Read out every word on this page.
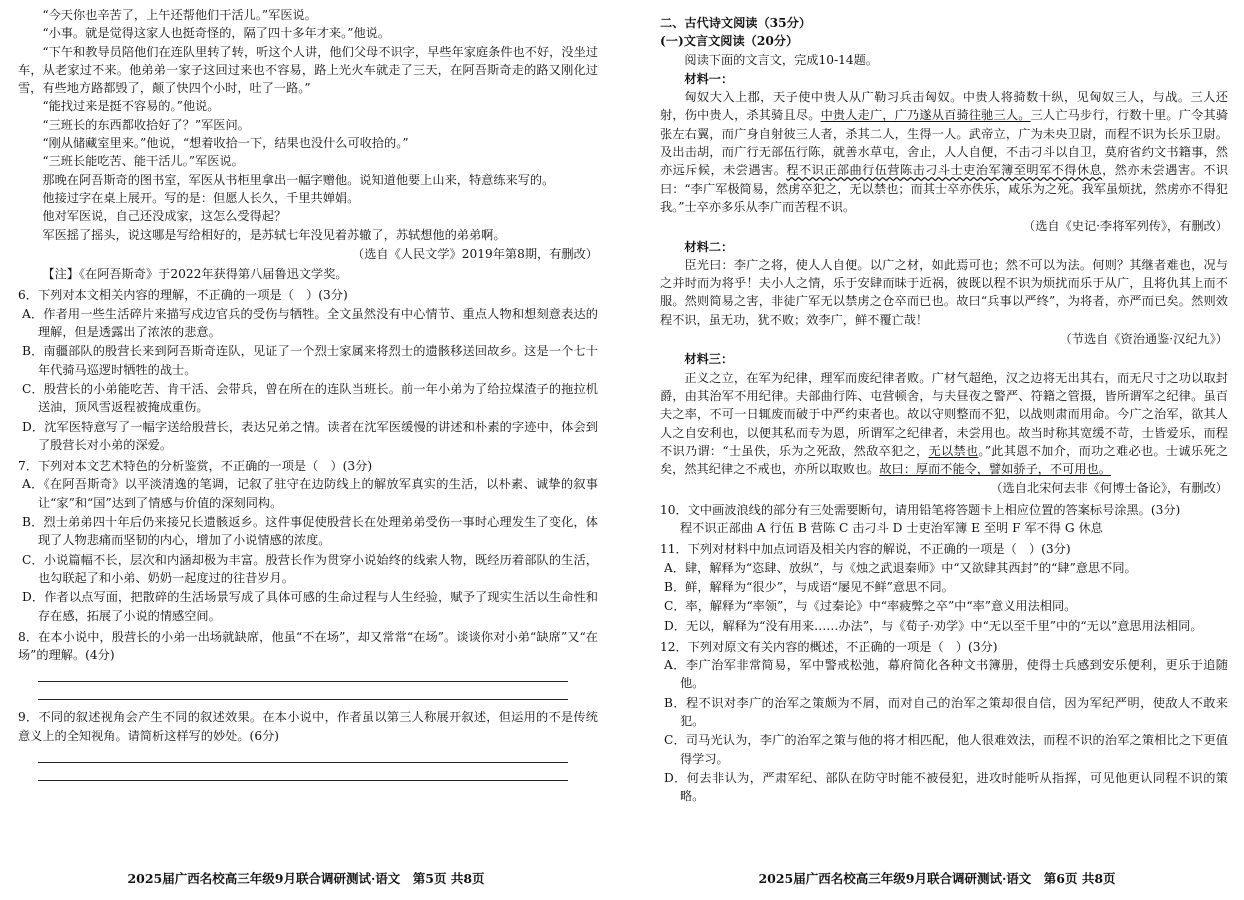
“今天你也辛苦了，上午还帮他们干活儿。”军医说。

“小事。就是觉得这家人也挺奇怪的，隔了四十多年才来。”他说。

“下午和教导员陪他们在连队里转了转，听这个人讲，他们父母不识字，早些年家庭条件也不好，没坐过车，从老家过不来。他弟弟一家子这回过来也不容易，路上光火车就走了三天，在阿吾斯奇走的路又刚化过雪，有些地方路都毁了，颠了快四个小时，吐了一路。”

“能找过来是挺不容易的。”他说。

“三班长的东西都收拾好了？”军医问。

“刚从储藏室里来。”他说，“想着收拾一下，结果也没什么可收拾的。”

“三班长能吃苦、能干活儿。”军医说。

那晚在阿吾斯奇的图书室，军医从书柜里拿出一幅字赠他。说知道他要上山来，特意练来写的。

他接过字在桌上展开。写的是：但愿人长久，千里共婵娟。

他对军医说，自己还没成家，这怎么受得起？

军医摇了摇头，说这哪是写给相好的，是苏轼七年没见着苏辙了，苏轼想他的弟弟啊。

（选自《人民文学》2019年第8期，有删改）

【注】《在阿吾斯奇》于2022年获得第八届鲁迅文学奖。

6．下列对本文相关内容的理解，不正确的一项是（　）(3分)

A．作者用一些生活碎片来描写戍边官兵的受伤与牺牲。全文虽然没有中心情节、重点人物和想刻意表达的理解，但是透露出了浓浓的悲意。

B．南疆部队的殷营长来到阿吾斯奇连队，见证了一个烈士家属来将烈士的遗骸移送回故乡。这是一个七十年代骑马巡逻时牺牲的战士。

C．殷营长的小弟能吃苦、肯干活、会带兵，曾在所在的连队当班长。前一年小弟为了给拉煤渣子的拖拉机送油，顶风雪返程被掩成重伤。

D．沈军医特意写了一幅字送给殷营长，表达兄弟之情。读者在沈军医缓慢的讲述和朴素的字迹中，体会到了殷营长对小弟的深爱。

7．下列对本文艺术特色的分析鉴赏，不正确的一项是（　）(3分)

A．《在阿吾斯奇》以平淡清逸的笔调，记叙了驻守在边防线上的解放军真实的生活，以朴素、诚挚的叙事让“家”和“国”达到了情感与价值的深刻同构。

B．烈士弟弟四十年后仍来接兄长遗骸返乡。这件事促使殷营长在处理弟弟受伤一事时心理发生了变化，体现了人物悲痛而坚韧的内心，增加了小说情感的浓度。

C．小说篇幅不长，层次和内涵却极为丰富。殷营长作为贯穿小说始终的线索人物，既经历着部队的生活，也勾联起了和小弟、奶奶一起度过的往昔岁月。

D．作者以点写面，把散碎的生活场景写成了具体可感的生命过程与人生经验，赋予了现实生活以生命性和存在感，拓展了小说的情感空间。

8．在本小说中，殷营长的小弟一出场就缺席，他虽“不在场”，却又常常“在场”。谈谈你对小弟“缺席”又“在场”的理解。(4分)

9．不同的叙述视角会产生不同的叙述效果。在本小说中，作者虽以第三人称展开叙述，但运用的不是传统意义上的全知视角。请简析这样写的妙处。(6分)

2025届广西名校高三年级9月联合调研测试·语文　第5页 共8页

二、古代诗文阅读（35分）

(一)文言文阅读（20分）

阅读下面的文言文，完成10-14题。

材料一：

匈奴大入上郡，天子使中贵人从广勒习兵击匈奴。中贵人将骑数十纵，见匈奴三人，与战。三人还射，伤中贵人，杀其骑且尽。中贵人走广，广乃遂从百骑往驰三人。三人亡马步行，行数十里。广令其骑张左右翼，而广身自射彼三人者，杀其二人，生得一人。武帝立，广为未央卫尉，而程不识为长乐卫尉。及出击胡，而广行无部伍行陈，就善水草屯，舍止，人人自便，不击刁斗以自卫，莫府省约文书籍事，然亦远斥候，未尝遇害。程不识正部曲行伍营陈击刁斗士吏治军簿至明军不得休息，然亦未尝遇害。不识曰：“李广军极简易，然虏卒犯之，无以禁也；而其士卒亦佚乐，咸乐为之死。我军虽烦扰，然虏亦不得犯我。”士卒亦多乐从李广而苦程不识。

（选自《史记·李将军列传》，有删改）

材料二：

臣光曰：李广之将，使人人自便。以广之材，如此焉可也；然不可以为法。何则？其继者难也，况与之并时而为将乎！夫小人之情，乐于安肆而昧于近祸，彼既以程不识为烦扰而乐于从广，且将仇其上而不服。然则简易之害，非徒广军无以禁虏之仓卒而已也。故曰“兵事以严终”，为将者，亦严而已矣。然则效程不识，虽无功，犹不败；效李广，鲜不覆亡哉！

（节选自《资治通鉴·汉纪九》）

材料三：

正义之立，在军为纪律，理军而废纪律者败。广材气超绝，汉之边将无出其右，而无尺寸之功以取封爵，由其治军不用纪律。夫部曲行阵、屯营顿舍，与夫昼夜之警严、符籍之管摄，皆所谓军之纪律。虽百夫之率，不可一日辄废而破于中严约束者也。故以守则整而不犯，以战则肃而用命。今广之治军，欲其人人之自安利也，以便其私而专为恩，所谓军之纪律者，未尝用也。故当时称其宽缓不苛，士皆爱乐，而程不识乃谓：“士虽佚，乐为之死敌，然敌卒犯之，无以禁也。”此其恩不加介，而功之难必也。士诚乐死之矣，然其纪律之不戒也，亦所以取败也。故曰：厚而不能令，譬如骄子，不可用也。

（选自北宋何去非《何博士备论》，有删改）

10．文中画波浪线的部分有三处需要断句，请用铅笔将答题卡上相应位置的答案标号涂黑。(3分)

程不识正部曲 A 行伍 B 营陈 C 击刁斗 D 士吏治军簿 E 至明 F 军不得 G 休息

11．下列对材料中加点词语及相关内容的解说，不正确的一项是（　）(3分)

A．肆，解释为“恣肆、放纵”，与《烛之武退秦师》中“又欲肆其西封”的“肆”意思不同。

B．鲜，解释为“很少”，与成语“屡见不鲜”意思不同。

C．率，解释为“率领”，与《过秦论》中“率疲弊之卒”中“率”意义用法相同。

D．无以，解释为“没有用来……办法”，与《荀子·劝学》中“无以至千里”中的“无以”意思用法相同。

12．下列对原文有关内容的概述，不正确的一项是（　）(3分)

A．李广治军非常简易，军中警戒松弛，幕府简化各种文书簿册，使得士兵感到安乐便利，更乐于追随他。

B．程不识对李广的治军之策颇为不屑，而对自己的治军之策却很自信，因为军纪严明，使敌人不敢来犯。

C．司马光认为，李广的治军之策与他的将才相匹配，他人很难效法，而程不识的治军之策相比之下更值得学习。

D．何去非认为，严肃军纪、部队在防守时能不被侵犯，进攻时能听从指挥，可见他更认同程不识的策略。

2025届广西名校高三年级9月联合调研测试·语文　第6页 共8页
